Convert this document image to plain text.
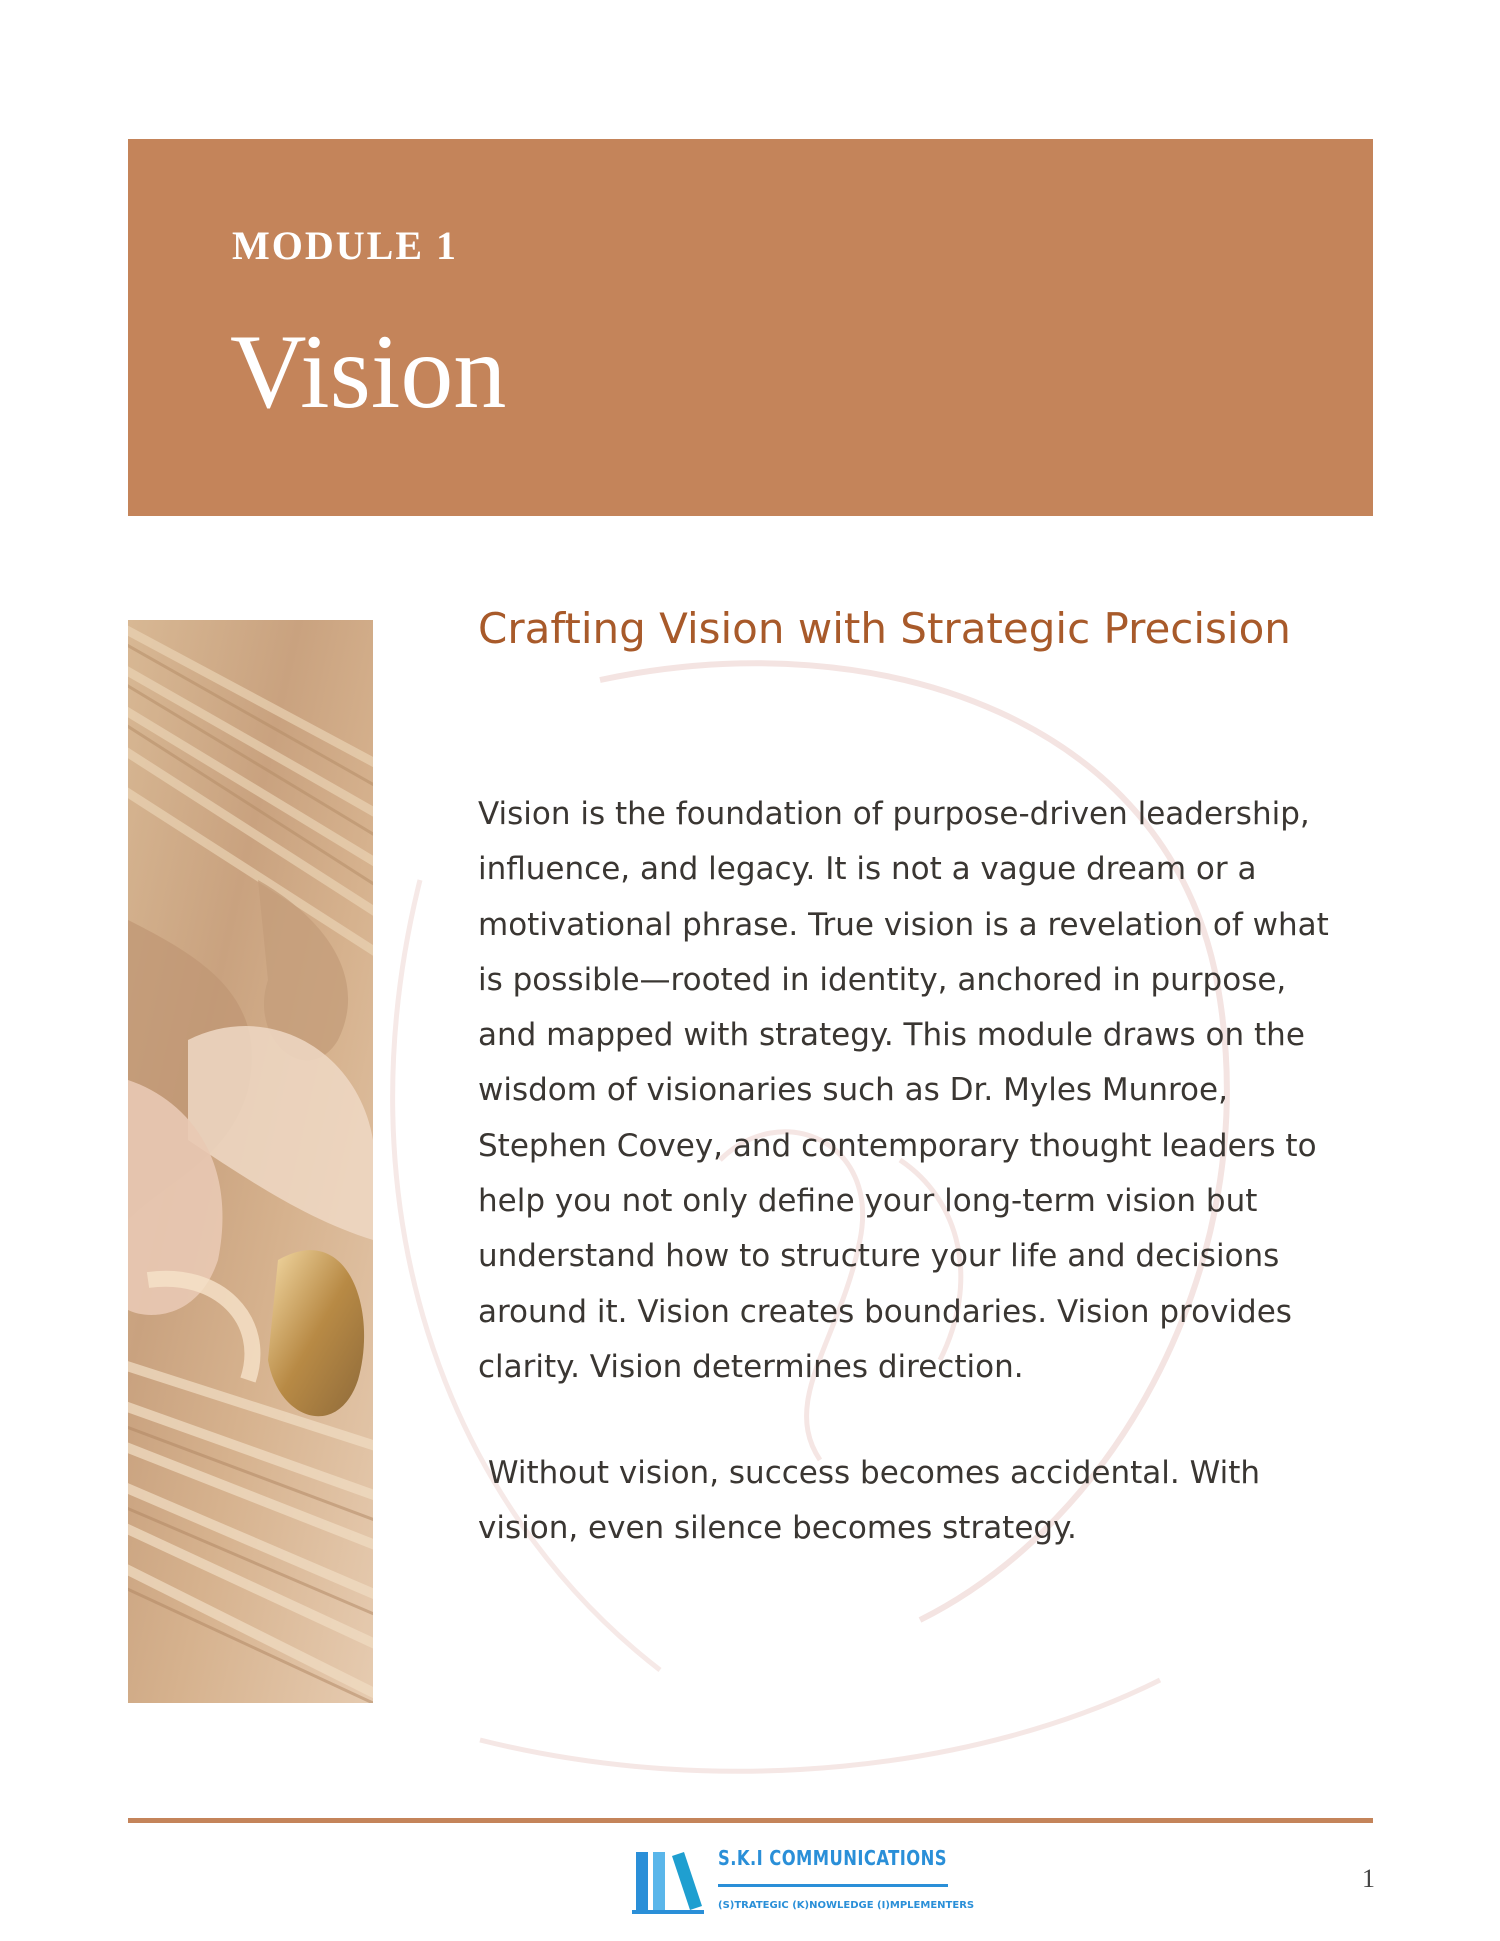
MODULE 1
Vision
Crafting Vision with Strategic Precision
Vision is the foundation of purpose-driven leadership,
influence, and legacy. It is not a vague dream or a
motivational phrase. True vision is a revelation of what
is possible—rooted in identity, anchored in purpose,
and mapped with strategy. This module draws on the
wisdom of visionaries such as Dr. Myles Munroe,
Stephen Covey, and contemporary thought leaders to
help you not only define your long-term vision but
understand how to structure your life and decisions
around it. Vision creates boundaries. Vision provides
clarity. Vision determines direction.
Without vision, success becomes accidental. With
vision, even silence becomes strategy.
S.K.I COMMUNICATIONS
(S)TRATEGIC (K)NOWLEDGE (I)MPLEMENTERS
1
